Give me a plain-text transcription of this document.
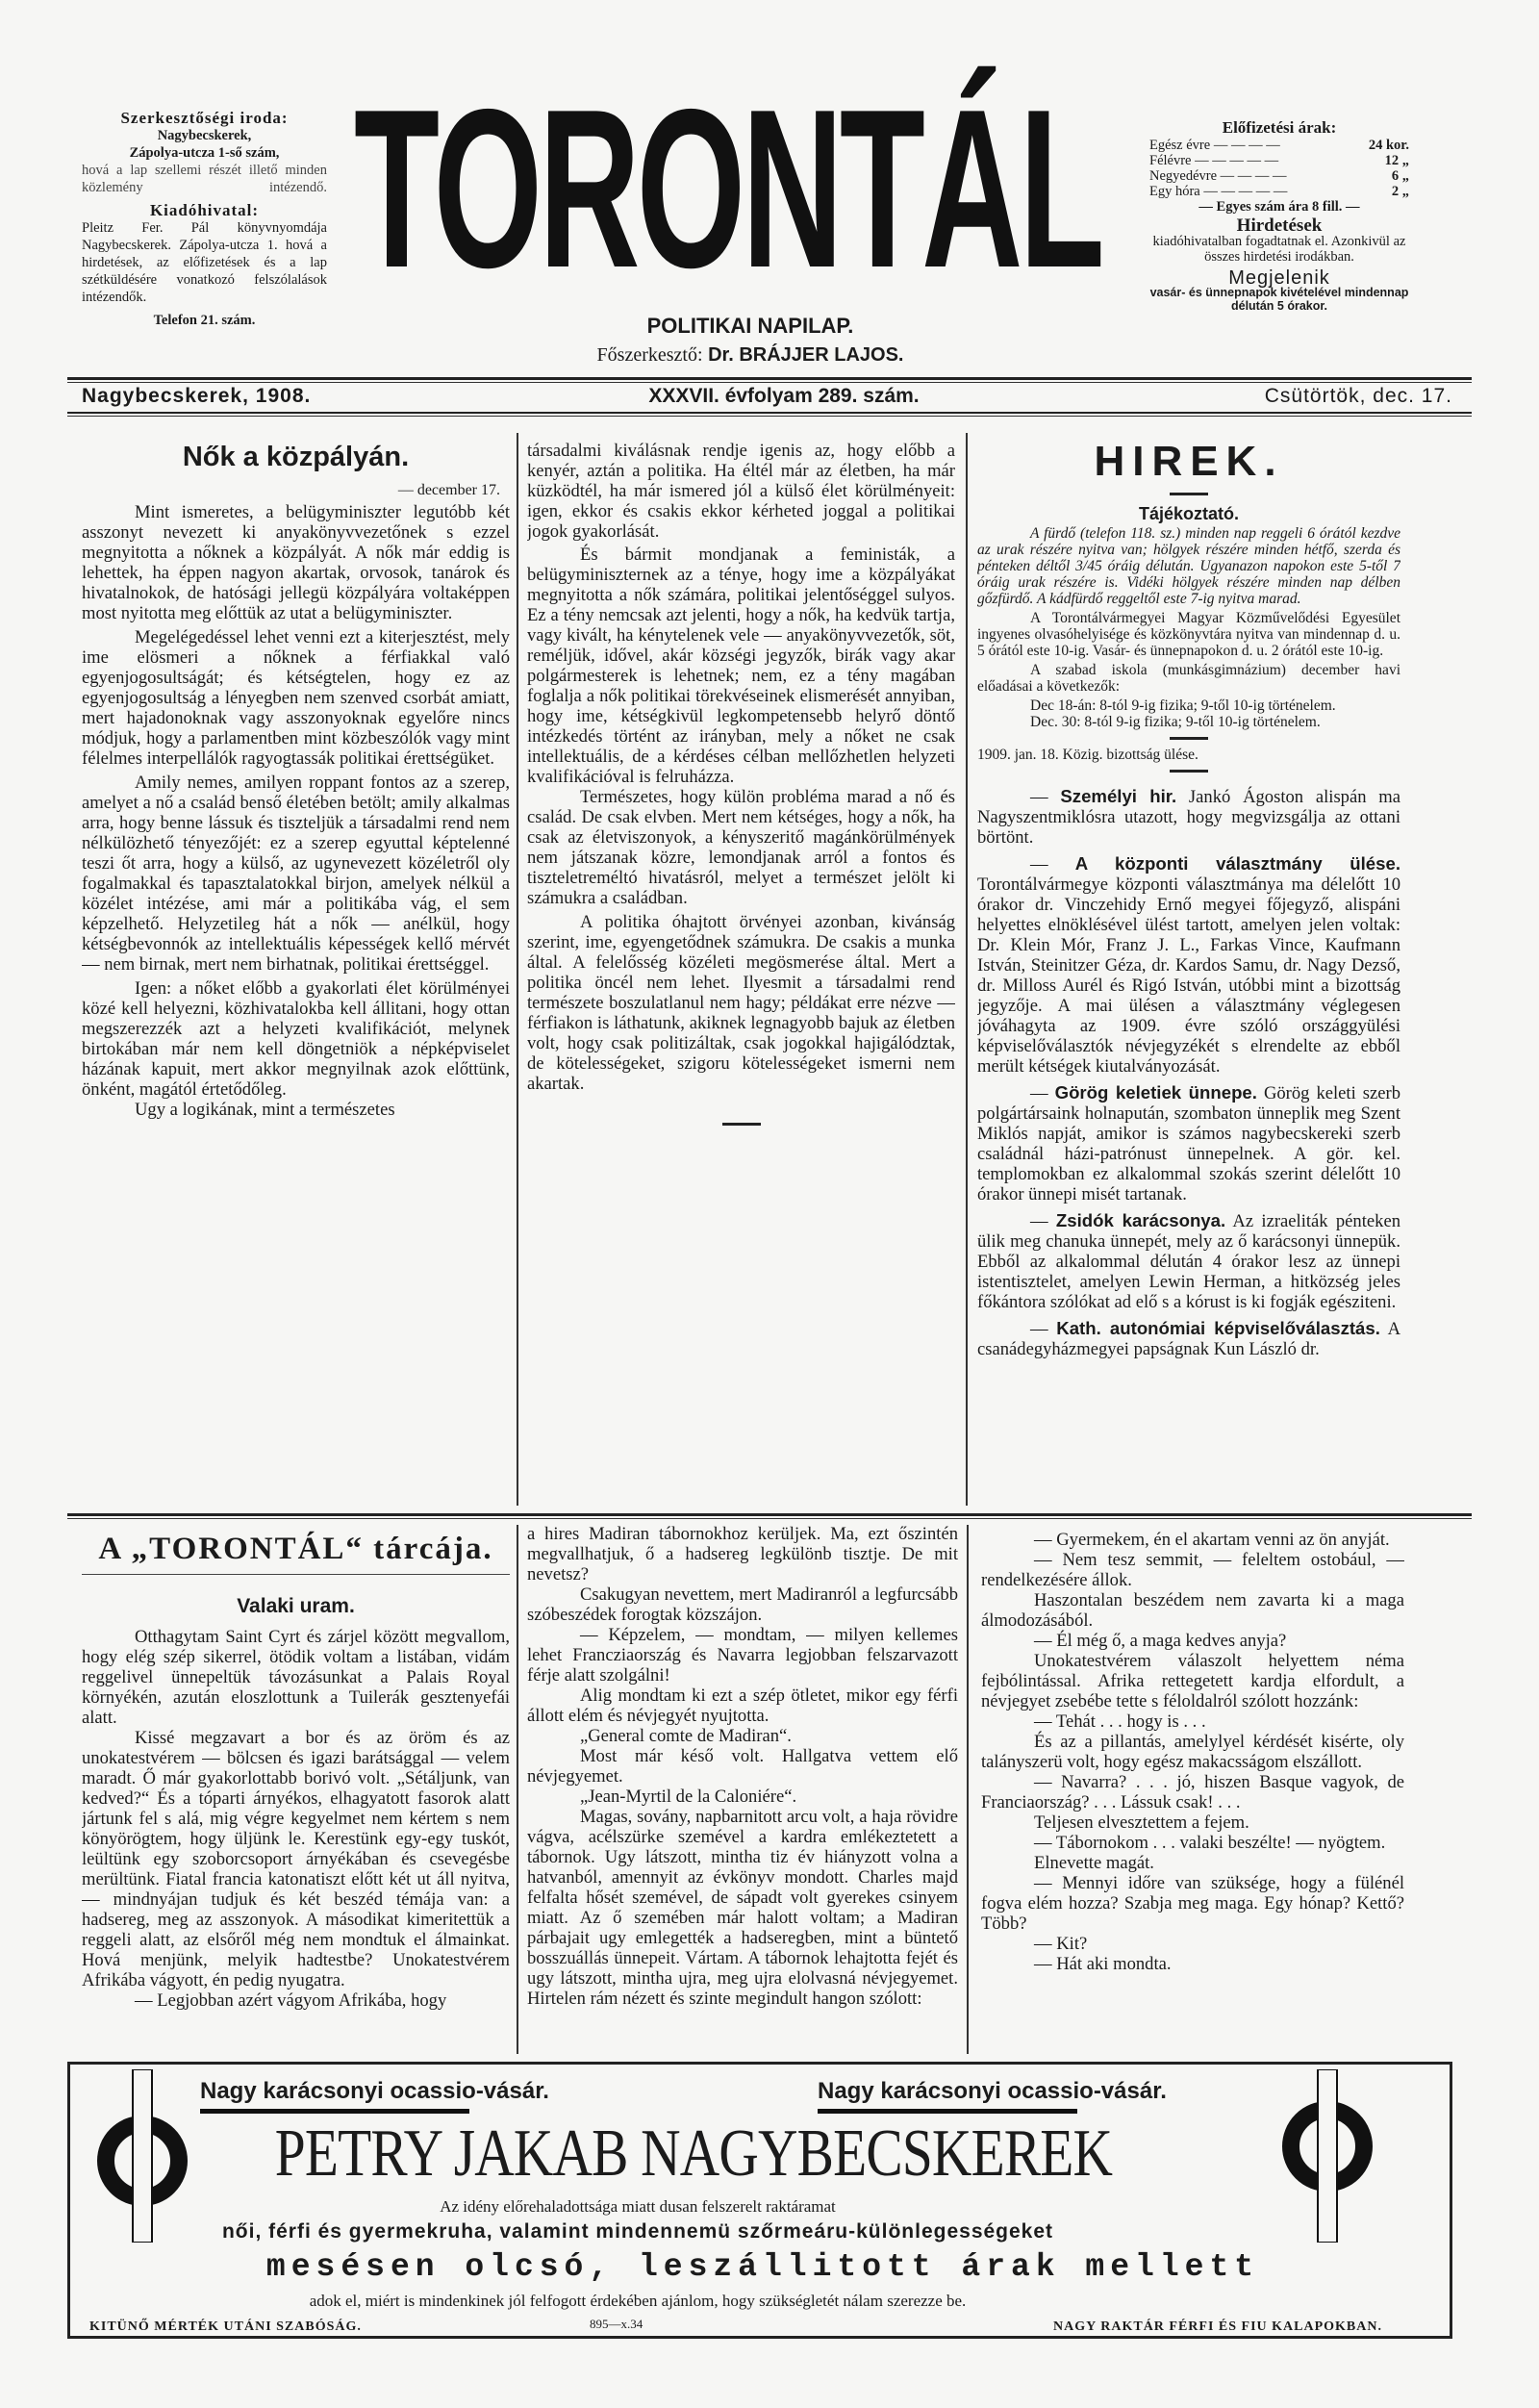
Szerkesztőségi iroda:
Nagybecskerek,
Zápolya-utcza 1-ső szám,
hová a lap szellemi részét illető minden közlemény intézendő.
Kiadóhivatal:
Pleitz Fer. Pál könyvnyomdája Nagybecskerek. Zápolya-utcza 1. hová a hirdetések, az előfizetések és a lap szétküldésére vonatkozó felszólalások intézendők.
Telefon 21. szám.
TORONTÁL
POLITIKAI NAPILAP.
Főszerkesztő: Dr. BRÁJJER LAJOS.
Előfizetési árak:
Egész évre — — — —	24 kor.
Félévre — — — — —	12 „
Negyedévre — — — —	6 „
Egy hóra — — — — —	2 „
— Egyes szám ára 8 fill. —
Hirdetések
kiadóhivatalban fogadtatnak el. Azonkivül az összes hirdetési irodákban.
Megjelenik
vasár- és ünnepnapok kivételével mindennap délután 5 órakor.
Nagybecskerek, 1908.	XXXVII. évfolyam 289. szám.	Csütörtök, dec. 17.
Nők a közpályán.
— december 17.

Mint ismeretes, a belügyminiszter legutóbb két asszonyt nevezett ki anyakönyvvezetőnek s ezzel megnyitotta a nőknek a közpályát. A nők már eddig is lehettek, ha éppen nagyon akartak, orvosok, tanárok és hivatalnokok, de hatósági jellegü közpályára voltaképpen most nyitotta meg előttük az utat a belügyminiszter.

Megelégedéssel lehet venni ezt a kiterjesztést, mely ime elösmeri a nőknek a férfiakkal való egyenjogosultságát; és kétségtelen, hogy ez az egyenjogosultság a lényegben nem szenved csorbát amiatt, mert hajadonoknak vagy asszonyoknak egyelőre nincs módjuk, hogy a parlamentben mint közbeszólók vagy mint félelmes interpellálók ragyogtassák politikai érettségüket.

Amily nemes, amilyen roppant fontos az a szerep, amelyet a nő a család benső életében betölt; amily alkalmas arra, hogy benne lássuk és tiszteljük a társadalmi rend nem nélkülözhető tényezőjét: ez a szerep egyuttal képtelenné teszi őt arra, hogy a külső, az ugynevezett közéletről oly fogalmakkal és tapasztalatokkal birjon, amelyek nélkül a közélet intézése, ami már a politikába vág, el sem képzelhető. Helyzetileg hát a nők — anélkül, hogy kétségbevonnók az intellektuális képességek kellő mérvét — nem birnak, mert nem birhatnak, politikai érettséggel.

Igen: a nőket előbb a gyakorlati élet körülményei közé kell helyezni, közhivatalokba kell állitani, hogy ottan megszerezzék azt a helyzeti kvalifikációt, melynek birtokában már nem kell döngetniök a népképviselet házának kapuit, mert akkor megnyilnak azok előttünk, önként, magától értetődőleg.

Ugy a logikának, mint a természetes

társadalmi kiválásnak rendje igenis az, hogy előbb a kenyér, aztán a politika. Ha éltél már az életben, ha már küzködtél, ha már ismered jól a külső élet körülményeit: igen, ekkor és csakis ekkor kérheted joggal a politikai jogok gyakorlását.

És bármit mondjanak a feministák, a belügyminiszternek az a ténye, hogy ime a közpályákat megnyitotta a nők számára, politikai jelentőséggel sulyos. Ez a tény nemcsak azt jelenti, hogy a nők, ha kedvük tartja, vagy kivált, ha kénytelenek vele — anyakönyvvezetők, söt, reméljük, idővel, akár községi jegyzők, birák vagy akar polgármesterek is lehetnek; nem, ez a tény magában foglalja a nők politikai törekvéseinek elismerését annyiban, hogy ime, kétségkivül legkompetensebb helyrő döntő intézkedés történt az irányban, mely a nőket ne csak intellektuális, de a kérdéses célban mellőzhetlen helyzeti kvalifikációval is felruházza.

Természetes, hogy külön probléma marad a nő és család. De csak elvben. Mert nem kétséges, hogy a nők, ha csak az életviszonyok, a kényszeritő magánkörülmények nem játszanak közre, lemondjanak arról a fontos és tiszteletreméltó hivatásról, melyet a természet jelölt ki számukra a családban.

A politika óhajtott örvényei azonban, kivánság szerint, ime, egyengetődnek számukra. De csakis a munka által. A felelősség közéleti megösmerése által. Mert a politika öncél nem lehet. Ilyesmit a társadalmi rend természete boszulatlanul nem hagy; példákat erre nézve — férfiakon is láthatunk, akiknek legnagyobb bajuk az életben volt, hogy csak politizáltak, csak jogokkal hajigálództak, de kötelességeket, szigoru kötelességeket ismerni nem akartak.

HIREK.
Tájékoztató.

A fürdő (telefon 118. sz.) minden nap reggeli 6 órától kezdve az urak részére nyitva van; hölgyek részére minden hétfő, szerda és pénteken déltől 3/45 óráig délután. Ugyanazon napokon este 5-től 7 óráig urak részére is. Vidéki hölgyek részére minden nap délben gőzfürdő. A kádfürdő reggeltől este 7-ig nyitva marad.

A Torontálvármegyei Magyar Közművelődési Egyesület ingyenes olvasóhelyisége és közkönyvtára nyitva van mindennap d. u. 5 órától este 10-ig. Vasár- és ünnepnapokon d. u. 2 órától este 10-ig.

A szabad iskola (munkásgimnázium) december havi előadásai a következők:

Dec 18-án: 8-tól 9-ig fizika; 9-től 10-ig történelem.

Dec. 30: 8-tól 9-ig fizika; 9-től 10-ig történelem.

1909. jan. 18. Közig. bizottság ülése.

— Személyi hir. Jankó Ágoston alispán ma Nagyszentmiklósra utazott, hogy megvizsgálja az ottani börtönt.

— A központi választmány ülése. Torontálvármegye központi választmánya ma délelőtt 10 órakor dr. Vinczehidy Ernő megyei főjegyző, alispáni helyettes elnöklésével ülést tartott, amelyen jelen voltak: Dr. Klein Mór, Franz J. L., Farkas Vince, Kaufmann István, Steinitzer Géza, dr. Kardos Samu, dr. Nagy Dezső, dr. Milloss Aurél és Rigó István, utóbbi mint a bizottság jegyzője. A mai ülésen a választmány véglegesen jóváhagyta az 1909. évre szóló országgyülési képviselőválasztók névjegyzékét s elrendelte az ebből merült kétségek kiutalványozását.

— Görög keletiek ünnepe. Görög keleti szerb polgártársaink holnapután, szombaton ünneplik meg Szent Miklós napját, amikor is számos nagybecskereki szerb családnál házi-patrónust ünnepelnek. A gör. kel. templomokban ez alkalommal szokás szerint délelőtt 10 órakor ünnepi misét tartanak.

— Zsidók karácsonya. Az izraeliták pénteken ülik meg chanuka ünnepét, mely az ő karácsonyi ünnepük. Ebből az alkalommal délután 4 órakor lesz az ünnepi istentisztelet, amelyen Lewin Herman, a hitközség jeles főkántora szólókat ad elő s a kórust is ki fogják egésziteni.

— Kath. autonómiai képviselőválasztás. A csanádegyházmegyei papságnak Kun László dr.

A „TORONTÁL“ tárcája.
Valaki uram.

Otthagytam Saint Cyrt és zárjel között megvallom, hogy elég szép sikerrel, ötödik voltam a listában, vidám reggelivel ünnepeltük távozásunkat a Palais Royal környékén, azután eloszlottunk a Tuilerák gesztenyefái alatt.

Kissé megzavart a bor és az öröm és az unokatestvérem — bölcsen és igazi barátsággal — velem maradt. Ő már gyakorlottabb borivó volt. „Sétáljunk, van kedved?“ És a tóparti árnyékos, elhagyatott fasorok alatt jártunk fel s alá, mig végre kegyelmet nem kértem s nem könyörögtem, hogy üljünk le. Kerestünk egy-egy tuskót, leültünk egy szoborcsoport árnyékában és csevegésbe merültünk. Fiatal francia katonatiszt előtt két ut áll nyitva, — mindnyájan tudjuk és két beszéd témája van: a hadsereg, meg az asszonyok. A másodikat kimeritettük a reggeli alatt, az elsőről még nem mondtuk el álmainkat. Hová menjünk, melyik hadtestbe? Unokatestvérem Afrikába vágyott, én pedig nyugatra.

— Legjobban azért vágyom Afrikába, hogy

a hires Madiran tábornokhoz kerüljek. Ma, ezt őszintén megvallhatjuk, ő a hadsereg legkülönb tisztje. De mit nevetsz?

Csakugyan nevettem, mert Madiranról a legfurcsább szóbeszédek forogtak közszájon.

— Képzelem, — mondtam, — milyen kellemes lehet Francziaország és Navarra legjobban felszarvazott férje alatt szolgálni!

Alig mondtam ki ezt a szép ötletet, mikor egy férfi állott elém és névjegyét nyujtotta.

„General comte de Madiran“.

Most már késő volt. Hallgatva vettem elő névjegyemet.

„Jean-Myrtil de la Caloniére“.

Magas, sovány, napbarnitott arcu volt, a haja rövidre vágva, acélszürke szemével a kardra emlékeztetett a tábornok. Ugy látszott, mintha tiz év hiányzott volna a hatvanból, amennyit az évkönyv mondott. Charles majd felfalta hősét szemével, de sápadt volt gyerekes csinyem miatt. Az ő szemében már halott voltam; a Madiran párbajait ugy emlegették a hadseregben, mint a büntető bosszuállás ünnepeit. Vártam. A tábornok lehajtotta fejét és ugy látszott, mintha ujra, meg ujra elolvasná névjegyemet. Hirtelen rám nézett és szinte megindult hangon szólott:

— Gyermekem, én el akartam venni az ön anyját.

— Nem tesz semmit, — feleltem ostobául, — rendelkezésére állok.

Haszontalan beszédem nem zavarta ki a maga álmodozásából.

— Él még ő, a maga kedves anyja?

Unokatestvérem válaszolt helyettem néma fejbólintással. Afrika rettegetett kardja elfordult, a névjegyet zsebébe tette s féloldalról szólott hozzánk:

— Tehát . . . hogy is . . .

És az a pillantás, amelylyel kérdését kisérte, oly talányszerü volt, hogy egész makacsságom elszállott.

— Navarra? . . . jó, hiszen Basque vagyok, de Franciaország? . . . Lássuk csak! . . .

Teljesen elvesztettem a fejem.

— Tábornokom . . . valaki beszélte! — nyögtem.

Elnevette magát.

— Mennyi időre van szüksége, hogy a fülénél fogva elém hozza? Szabja meg maga. Egy hónap? Kettő? Több?

— Kit?

— Hát aki mondta.

Nagy karácsonyi ocassio-vásár.	Nagy karácsonyi ocassio-vásár.
PETRY JAKAB NAGYBECSKEREK
Az idény előrehaladottsága miatt dusan felszerelt raktáramat
női, férfi és gyermekruha, valamint mindennemü szőrmeáru-különlegességeket
mesésen olcsó, leszállitott árak mellett
adok el, miért is mindenkinek jól felfogott érdekében ajánlom, hogy szükségletét nálam szerezze be.
KITÜNŐ MÉRTÉK UTÁNI SZABÓSÁG.	895—x.34	NAGY RAKTÁR FÉRFI ÉS FIU KALAPOKBAN.
